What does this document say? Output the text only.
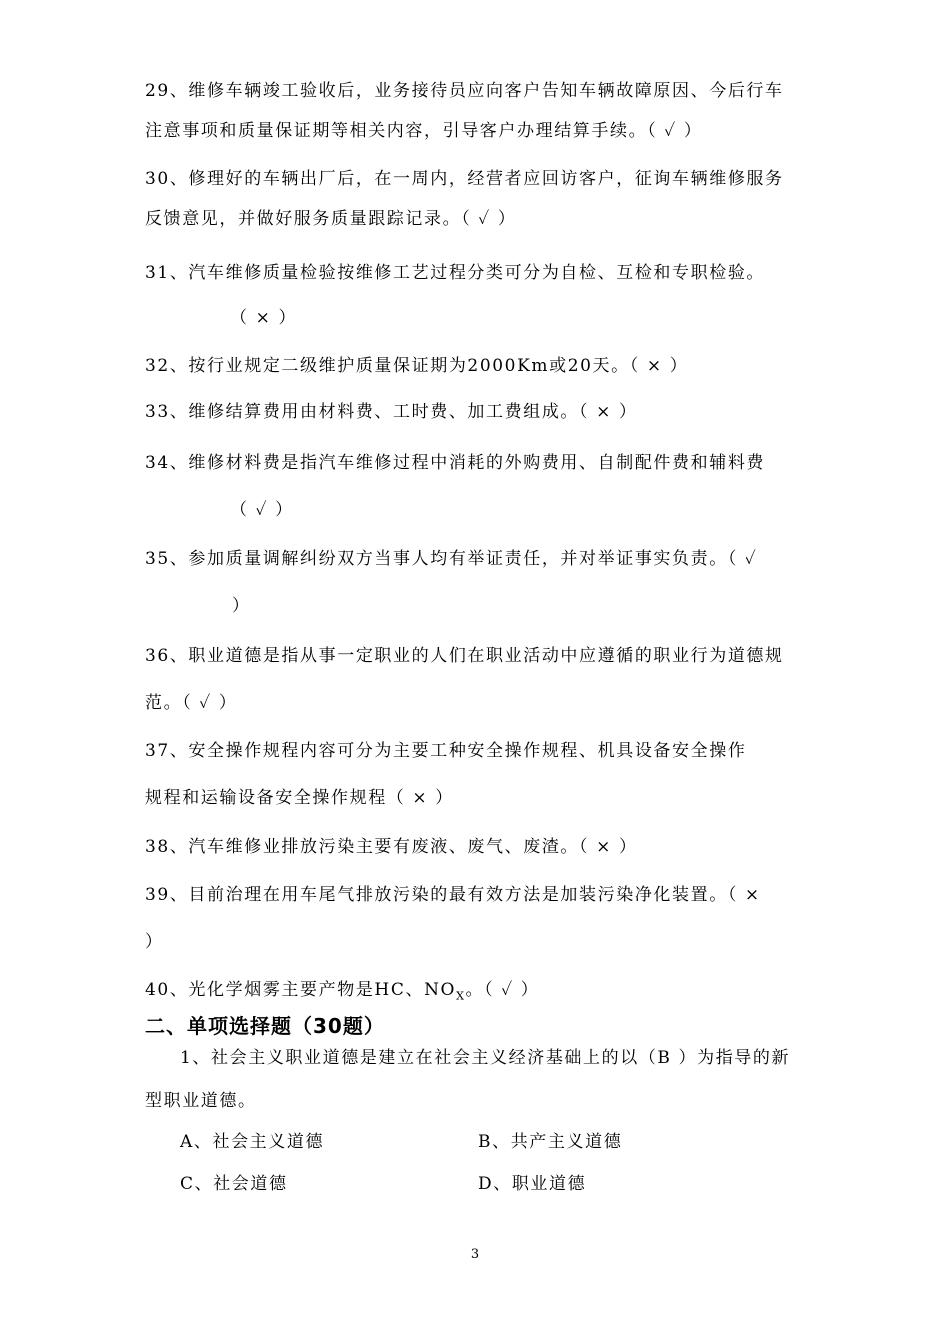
29、维修车辆竣工验收后，业务接待员应向客户告知车辆故障原因、今后行车
注意事项和质量保证期等相关内容，引导客户办理结算手续。（ ✓ ）
30、修理好的车辆出厂后，在一周内，经营者应回访客户，征询车辆维修服务
反馈意见，并做好服务质量跟踪记录。（ ✓ ）
31、汽车维修质量检验按维修工艺过程分类可分为自检、互检和专职检验。
（ × ）
32、按行业规定二级维护质量保证期为2000Km或20天。（ × ）
33、维修结算费用由材料费、工时费、加工费组成。（ × ）
34、维修材料费是指汽车维修过程中消耗的外购费用、自制配件费和辅料费
（ ✓ ）
35、参加质量调解纠纷双方当事人均有举证责任，并对举证事实负责。（ ✓
）
36、职业道德是指从事一定职业的人们在职业活动中应遵循的职业行为道德规
范。（ ✓ ）
37、安全操作规程内容可分为主要工种安全操作规程、机具设备安全操作
规程和运输设备安全操作规程（ × ）
38、汽车维修业排放污染主要有废液、废气、废渣。（ × ）
39、目前治理在用车尾气排放污染的最有效方法是加装污染净化装置。（ ×
）
40、光化学烟雾主要产物是HC、$NO_X$。（ ✓ ）
二、单项选择题（30题）
1、社会主义职业道德是建立在社会主义经济基础上的以（B ）为指导的新
型职业道德。
A、社会主义道德	B、共产主义道德
C、社会道德	D、职业道德
3
